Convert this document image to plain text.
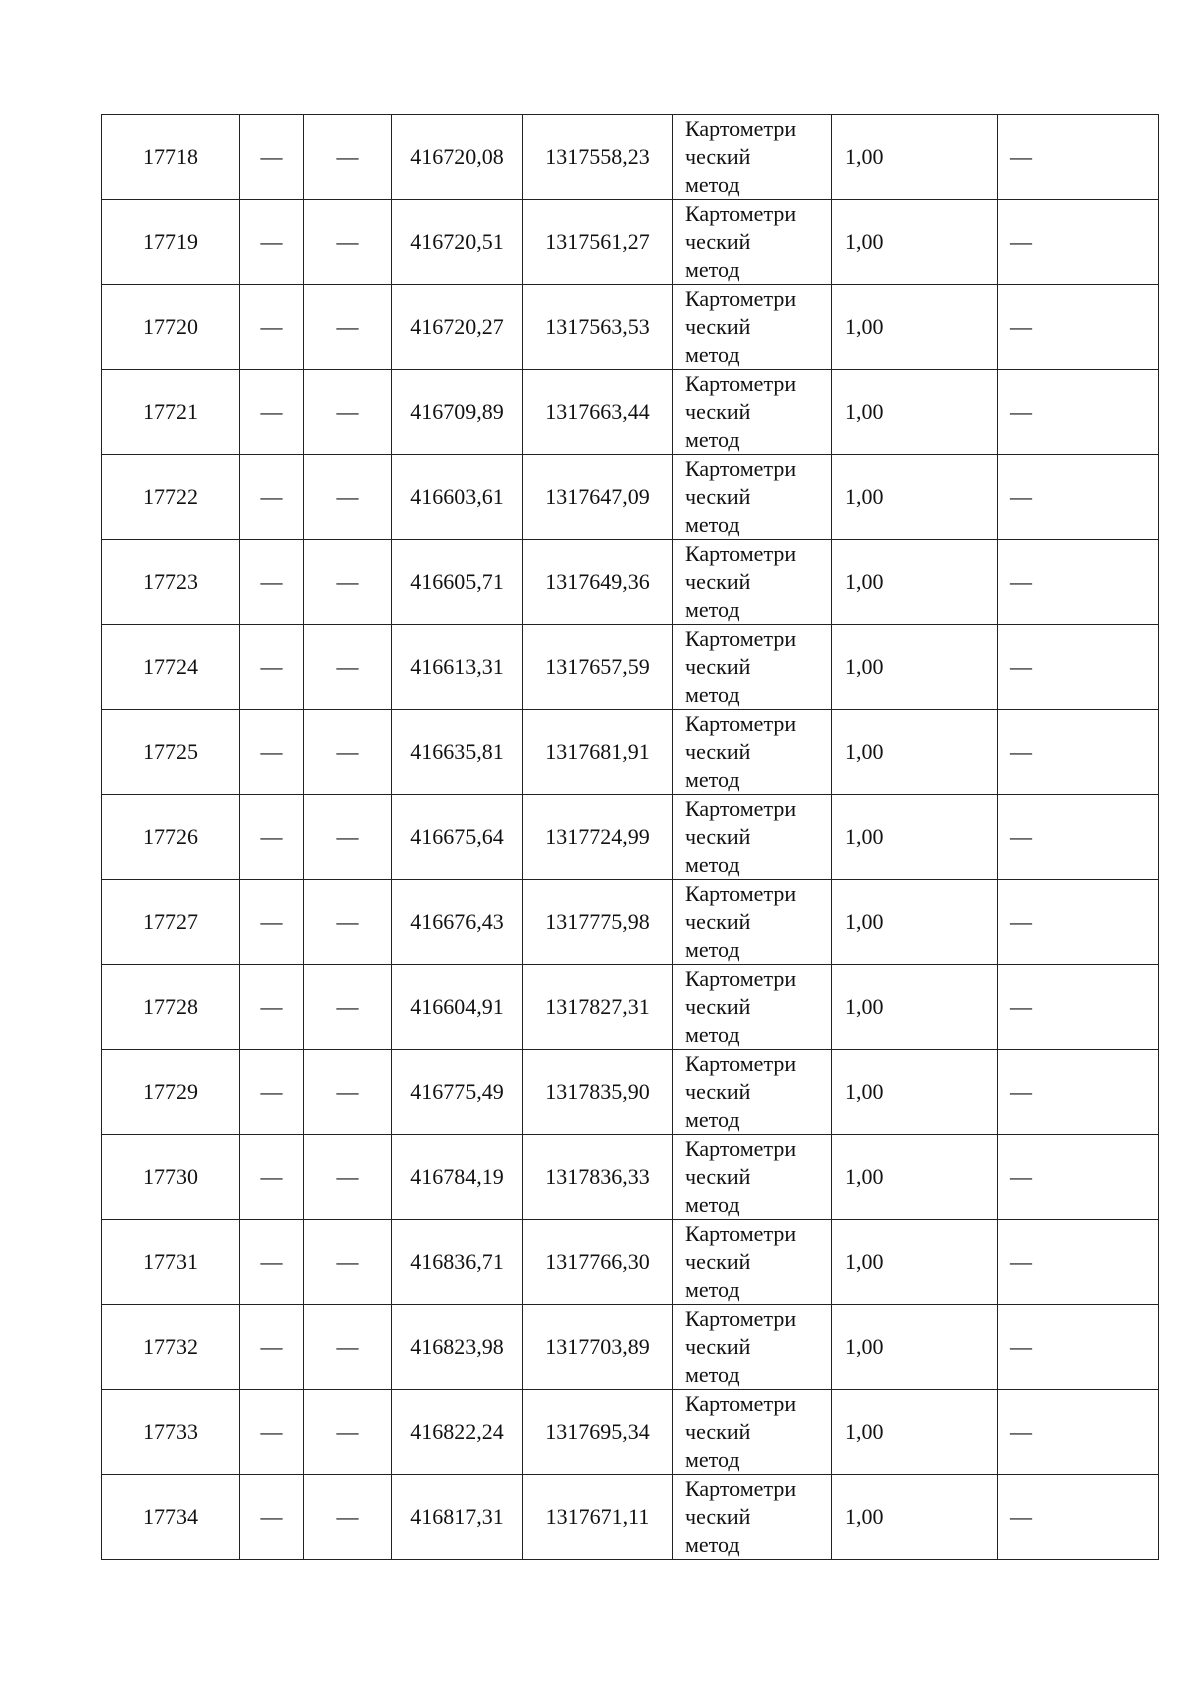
17718	—	—	416720,08	1317558,23	Картометри
ческий
метод	1,00	—
17719	—	—	416720,51	1317561,27	Картометри
ческий
метод	1,00	—
17720	—	—	416720,27	1317563,53	Картометри
ческий
метод	1,00	—
17721	—	—	416709,89	1317663,44	Картометри
ческий
метод	1,00	—
17722	—	—	416603,61	1317647,09	Картометри
ческий
метод	1,00	—
17723	—	—	416605,71	1317649,36	Картометри
ческий
метод	1,00	—
17724	—	—	416613,31	1317657,59	Картометри
ческий
метод	1,00	—
17725	—	—	416635,81	1317681,91	Картометри
ческий
метод	1,00	—
17726	—	—	416675,64	1317724,99	Картометри
ческий
метод	1,00	—
17727	—	—	416676,43	1317775,98	Картометри
ческий
метод	1,00	—
17728	—	—	416604,91	1317827,31	Картометри
ческий
метод	1,00	—
17729	—	—	416775,49	1317835,90	Картометри
ческий
метод	1,00	—
17730	—	—	416784,19	1317836,33	Картометри
ческий
метод	1,00	—
17731	—	—	416836,71	1317766,30	Картометри
ческий
метод	1,00	—
17732	—	—	416823,98	1317703,89	Картометри
ческий
метод	1,00	—
17733	—	—	416822,24	1317695,34	Картометри
ческий
метод	1,00	—
17734	—	—	416817,31	1317671,11	Картометри
ческий
метод	1,00	—
